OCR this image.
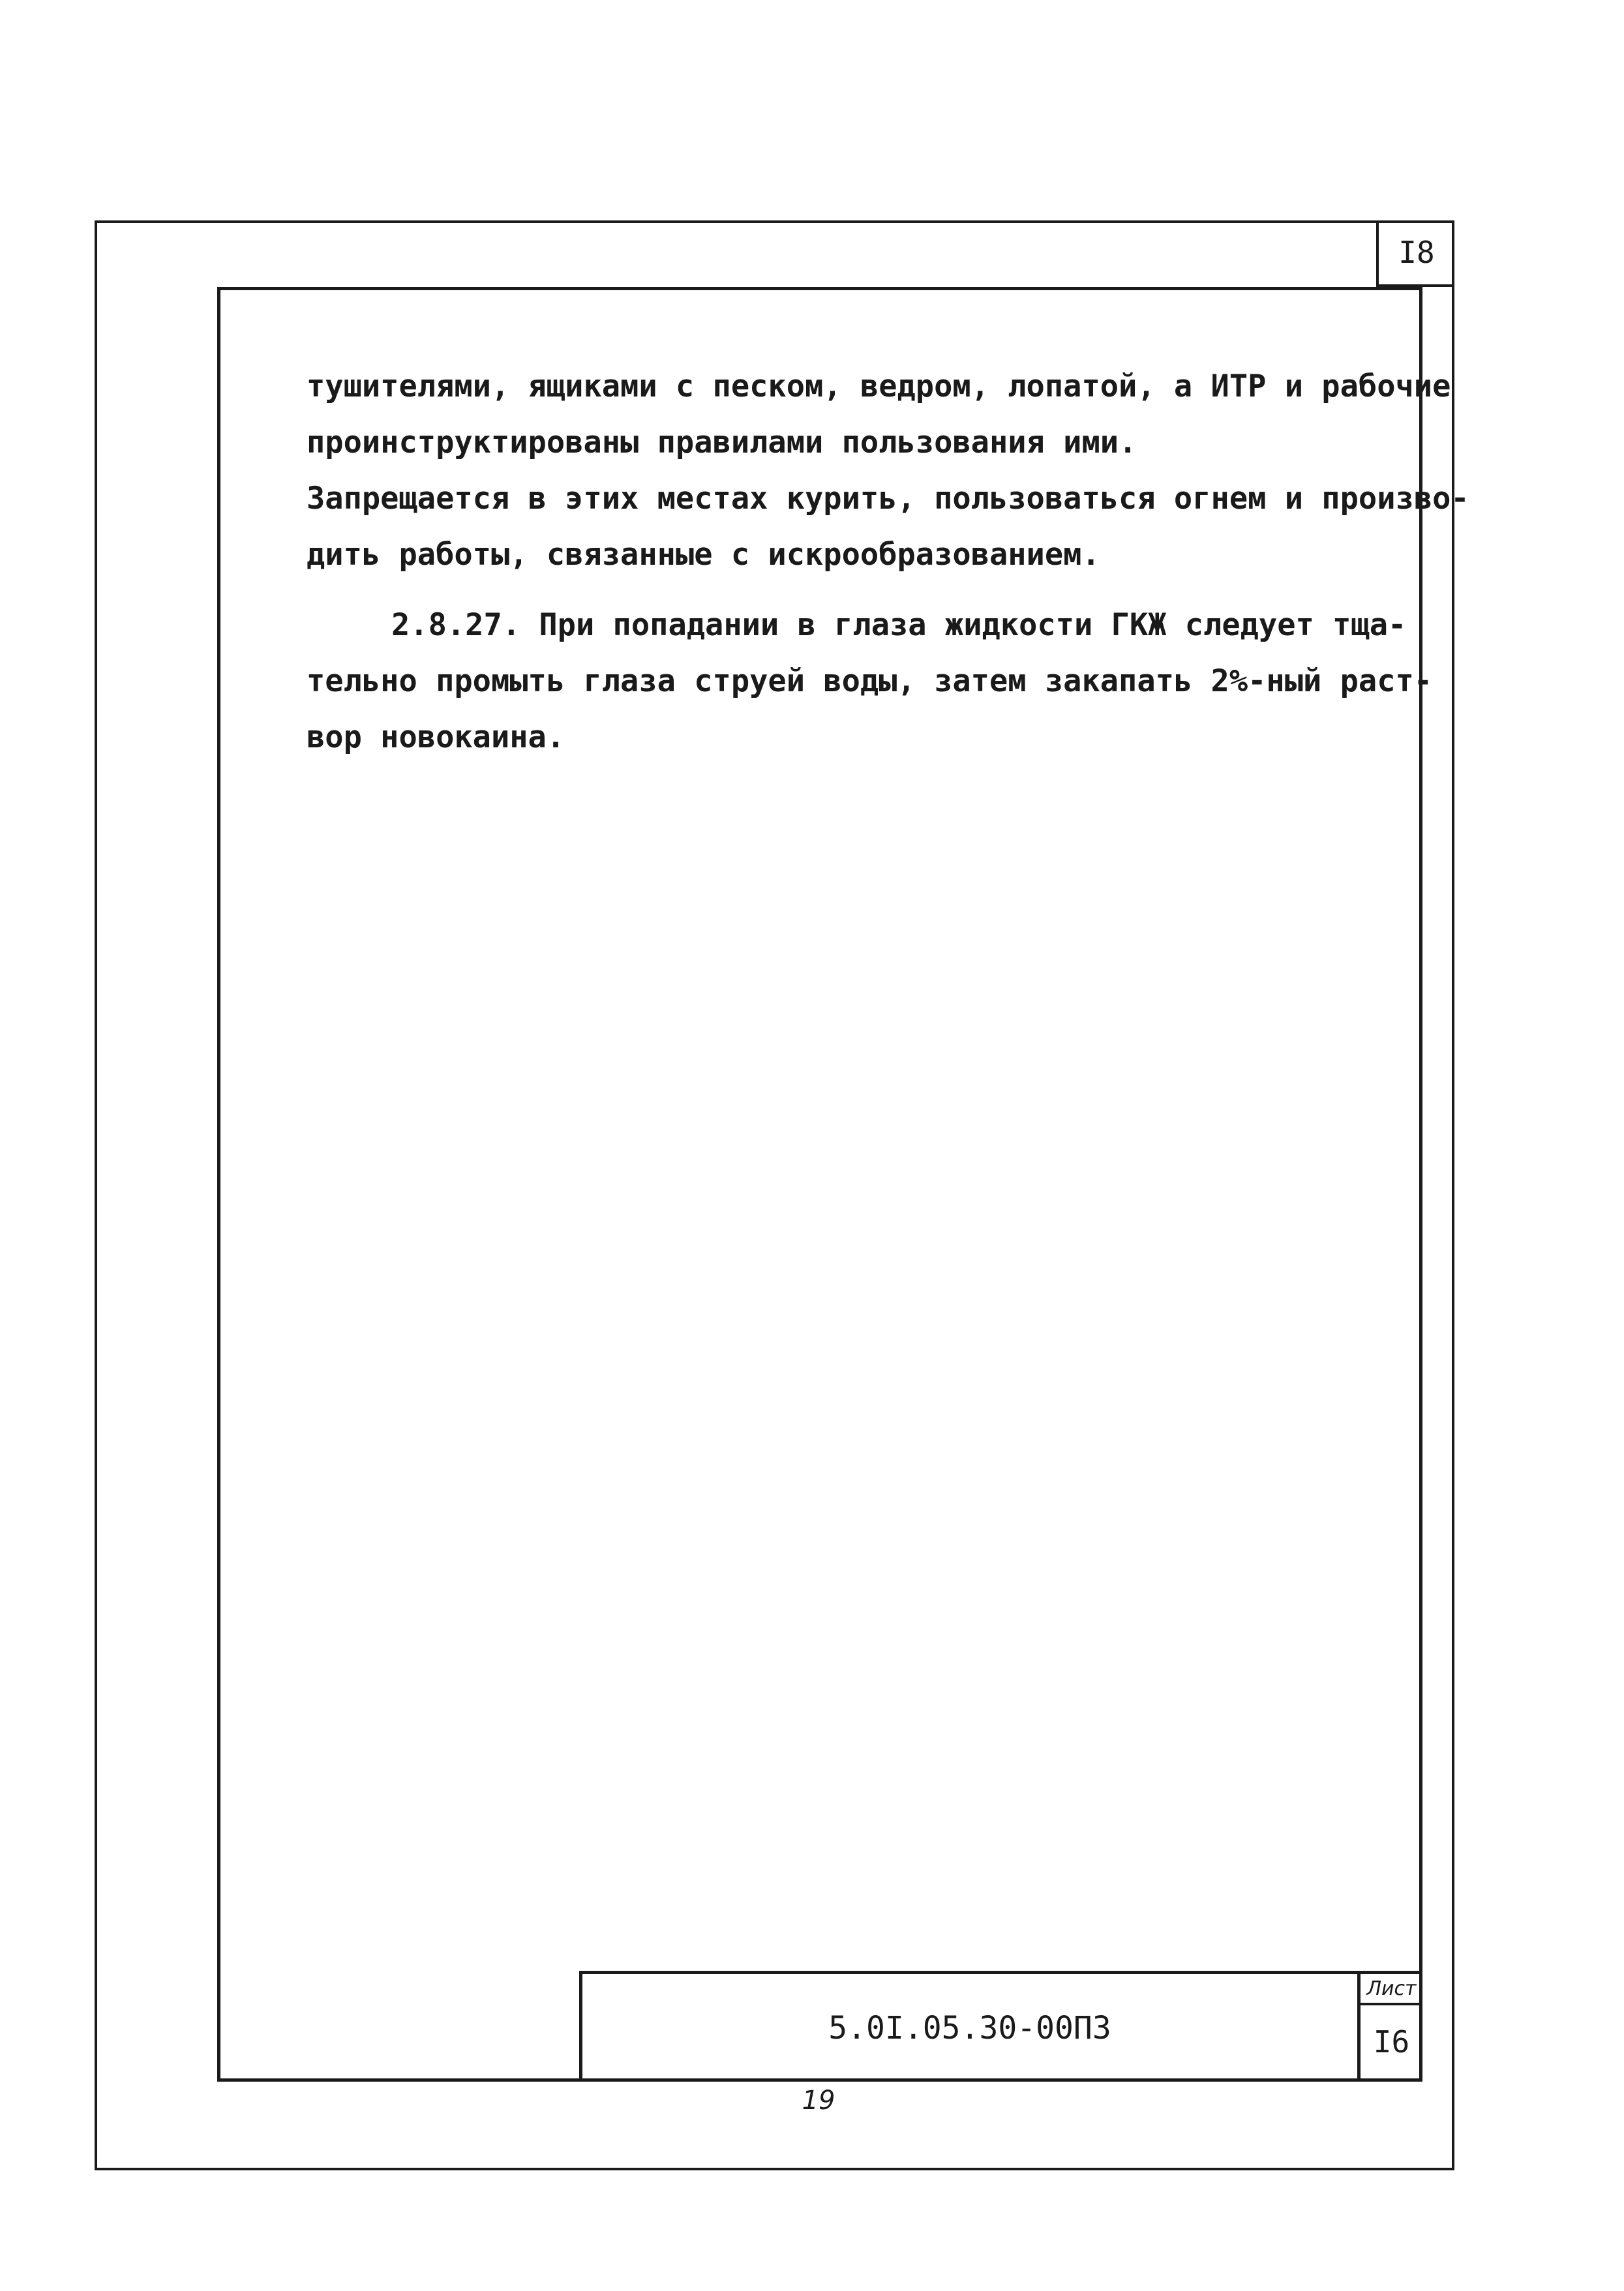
I8

тушителями, ящиками с песком, ведром, лопатой, а ИТР и рабочие

проинструктированы правилами пользования ими.

Запрещается в этих местах курить, пользоваться огнем и произво-

дить работы, связанные с искрообразованием.

2.8.27. При попадании в глаза жидкости ГКЖ следует тща-

тельно промыть глаза струей воды, затем закапать 2%-ный раст-

вор новокаина.

5.0I.05.30-00ПЗ
Лист
I6
19
